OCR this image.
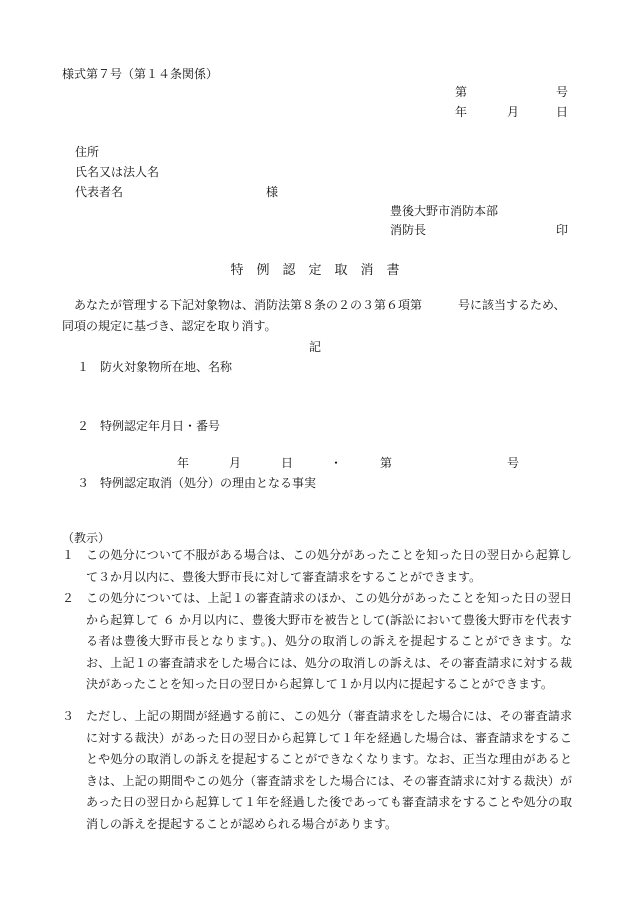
様式第７号（第１４条関係）
第	号
年	月	日
住所
氏名又は法人名
代表者名	様
豊後大野市消防本部
消防長	印
特　例　認　定　取　消　書
あなたが管理する下記対象物は、消防法第８条の２の３第６項第　　　号に該当するため、
同項の規定に基づき、認定を取り消す。
記
１ 防火対象物所在地、名称
２ 特例認定年月日・番号
年	月	日	・	第	号
３ 特例認定取消（処分）の理由となる事実
（教示）
１ この処分について不服がある場合は、この処分があったことを知った日の翌日から起算して３か月以内に、豊後大野市長に対して審査請求をすることができます。
２ この処分については、上記１の審査請求のほか、この処分があったことを知った日の翌日から起算して ６ か月以内に、豊後大野市を被告として(訴訟において豊後大野市を代表する者は豊後大野市長となります。)、処分の取消しの訴えを提起することができます。なお、上記１の審査請求をした場合には、処分の取消しの訴えは、その審査請求に対する裁決があったことを知った日の翌日から起算して１か月以内に提起することができます。
３ ただし、上記の期間が経過する前に、この処分（審査請求をした場合には、その審査請求に対する裁決）があった日の翌日から起算して１年を経過した場合は、審査請求をすることや処分の取消しの訴えを提起することができなくなります。なお、正当な理由があるときは、上記の期間やこの処分（審査請求をした場合には、その審査請求に対する裁決）があった日の翌日から起算して１年を経過した後であっても審査請求をすることや処分の取消しの訴えを提起することが認められる場合があります。
